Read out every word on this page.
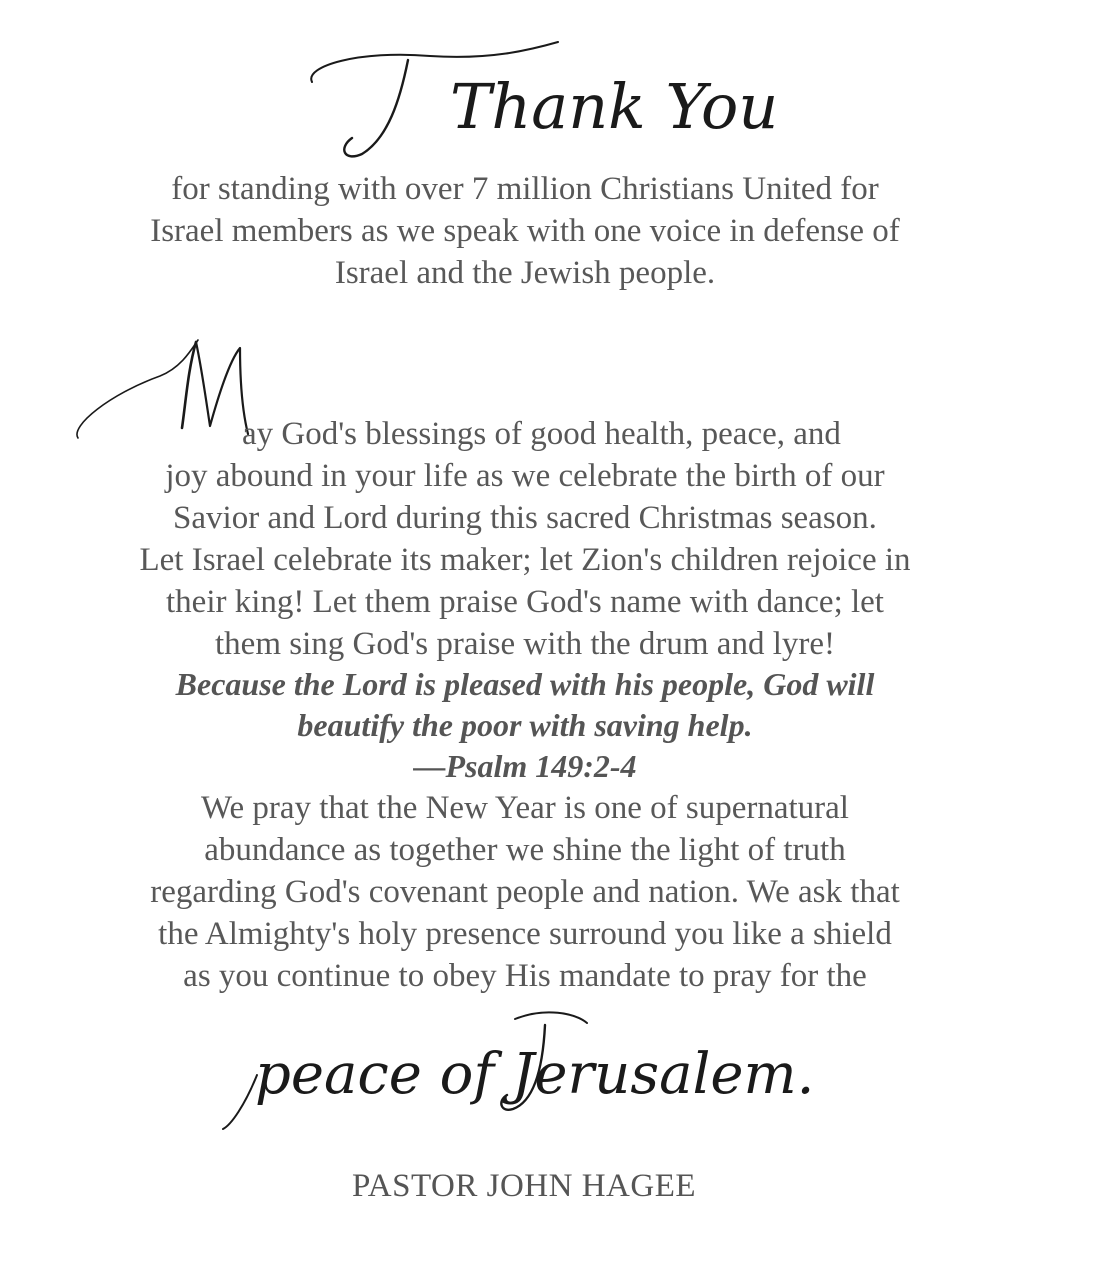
Thank You
for standing with over 7 million Christians United for
Israel members as we speak with one voice in defense of
Israel and the Jewish people.
ay God's blessings of good health, peace, and
joy abound in your life as we celebrate the birth of our
Savior and Lord during this sacred Christmas season.
Let Israel celebrate its maker; let Zion's children rejoice in
their king! Let them praise God's name with dance; let
them sing God's praise with the drum and lyre!
Because the Lord is pleased with his people, God will
beautify the poor with saving help.
—Psalm 149:2-4
We pray that the New Year is one of supernatural
abundance as together we shine the light of truth
regarding God's covenant people and nation. We ask that
the Almighty's holy presence surround you like a shield
as you continue to obey His mandate to pray for the
peace of Jerusalem.
PASTOR JOHN HAGEE
